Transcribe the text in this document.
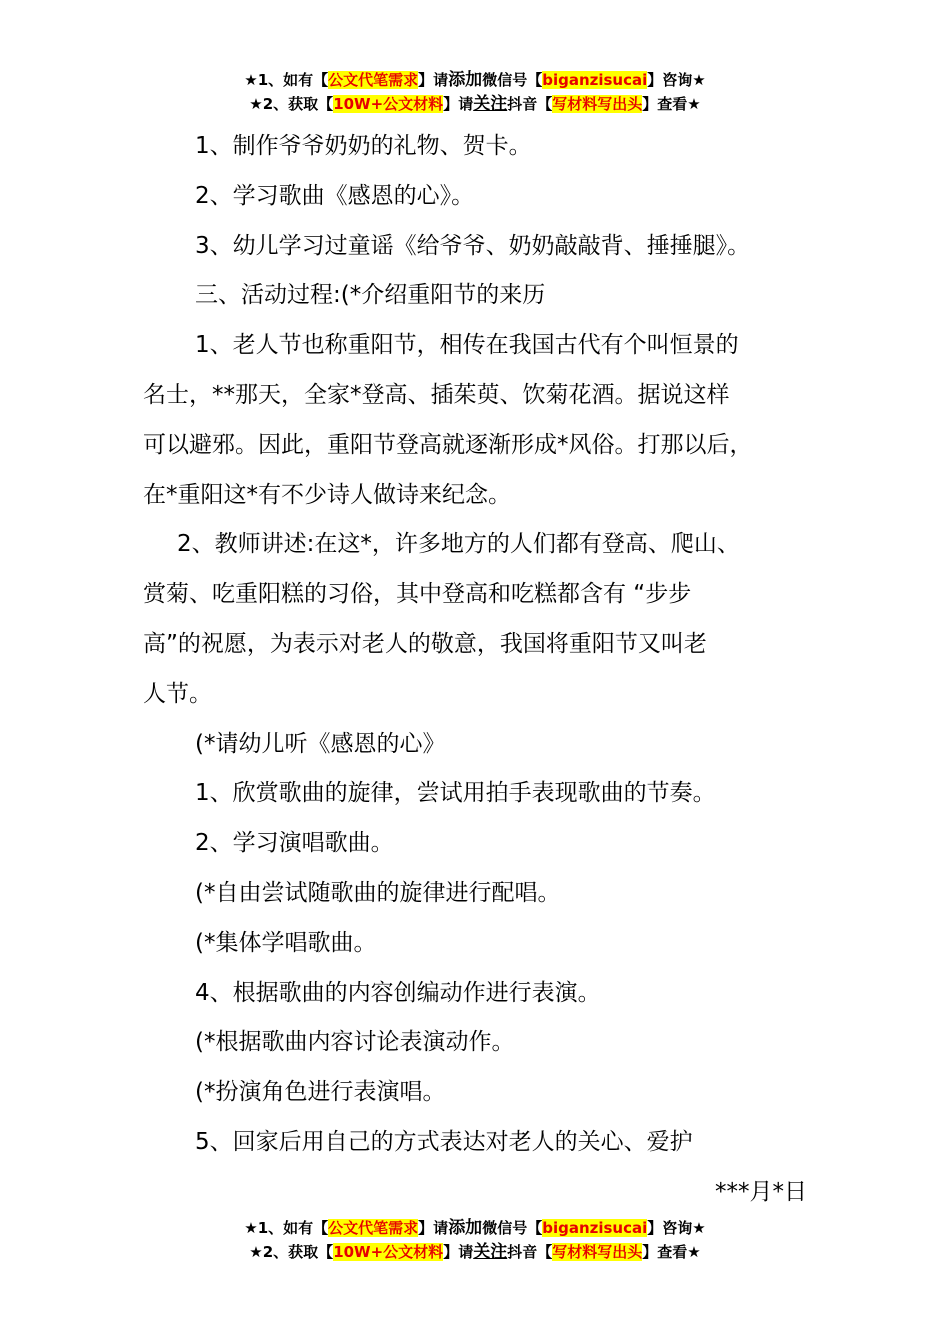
★1、如有【公文代笔需求】请添加微信号【biganzisucai】咨询★
★2、获取【10W+公文材料】请关注抖音【写材料写出头】查看★

1、制作爷爷奶奶的礼物、贺卡。

2、学习歌曲《感恩的心》。

3、幼儿学习过童谣《给爷爷、奶奶敲敲背、捶捶腿》。

三、活动过程:(*介绍重阳节的来历

1、老人节也称重阳节，相传在我国古代有个叫恒景的

名士，**那天，全家*登高、插茱萸、饮菊花酒。据说这样

可以避邪。因此，重阳节登高就逐渐形成*风俗。打那以后，

在*重阳这*有不少诗人做诗来纪念。

2、教师讲述:在这*，许多地方的人们都有登高、爬山、

赏菊、吃重阳糕的习俗，其中登高和吃糕都含有 “步步

高”的祝愿，为表示对老人的敬意，我国将重阳节又叫老

人节。

(*请幼儿听《感恩的心》

1、欣赏歌曲的旋律，尝试用拍手表现歌曲的节奏。

2、学习演唱歌曲。

(*自由尝试随歌曲的旋律进行配唱。

(*集体学唱歌曲。

4、根据歌曲的内容创编动作进行表演。

(*根据歌曲内容讨论表演动作。

(*扮演角色进行表演唱。

5、回家后用自己的方式表达对老人的关心、爱护

***月*日

★1、如有【公文代笔需求】请添加微信号【biganzisucai】咨询★
★2、获取【10W+公文材料】请关注抖音【写材料写出头】查看★
